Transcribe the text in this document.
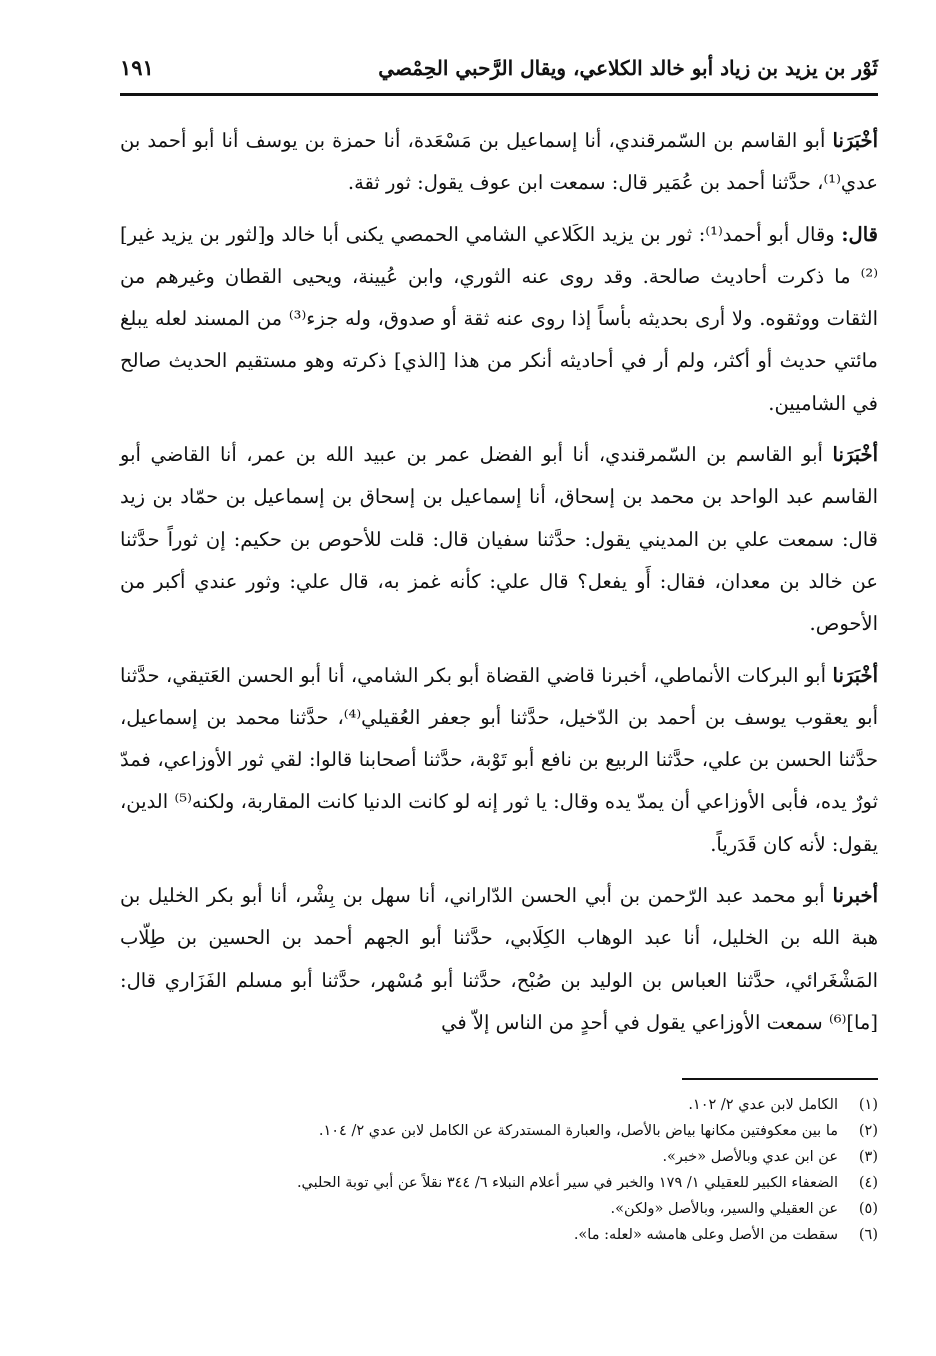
ثَوْر بن يزيد بن زياد أبو خالد الكلاعي، ويقال الرَّحبي الحِمْصي
١٩١

أخْبَرَنا أبو القاسم بن السّمرقندي، أنا إسماعيل بن مَسْعَدة، أنا حمزة بن يوسف أنا أبو أحمد بن عدي⁽¹⁾، حدَّثنا أحمد بن عُمَير قال: سمعت ابن عوف يقول: ثور ثقة.

قال: وقال أبو أحمد⁽¹⁾: ثور بن يزيد الكَلاعي الشامي الحمصي يكنى أبا خالد و[لثور بن يزيد غير]⁽²⁾ ما ذكرت أحاديث صالحة. وقد روى عنه الثوري، وابن عُيينة، ويحيى القطان وغيرهم من الثقات ووثقوه. ولا أرى بحديثه بأساً إذا روى عنه ثقة أو صدوق، وله جزء⁽³⁾ من المسند لعله يبلغ مائتي حديث أو أكثر، ولم أر في أحاديثه أنكر من هذا [الذي] ذكرته وهو مستقيم الحديث صالح في الشاميين.

أخْبَرَنا أبو القاسم بن السّمرقندي، أنا أبو الفضل عمر بن عبيد الله بن عمر، أنا القاضي أبو القاسم عبد الواحد بن محمد بن إسحاق، أنا إسماعيل بن إسحاق بن إسماعيل بن حمّاد بن زيد قال: سمعت علي بن المديني يقول: حدَّثنا سفيان قال: قلت للأحوص بن حكيم: إن ثوراً حدَّثنا عن خالد بن معدان، فقال: أَو يفعل؟ قال علي: كأنه غمز به، قال علي: وثور عندي أكبر من الأحوص.

أخْبَرَنا أبو البركات الأنماطي، أخبرنا قاضي القضاة أبو بكر الشامي، أنا أبو الحسن العَتيقي، حدَّثنا أبو يعقوب يوسف بن أحمد بن الدّخيل، حدَّثنا أبو جعفر العُقيلي⁽⁴⁾، حدَّثنا محمد بن إسماعيل، حدَّثنا الحسن بن علي، حدَّثنا الربيع بن نافع أبو تَوْبة، حدَّثنا أصحابنا قالوا: لقي ثور الأوزاعي، فمدّ ثورٌ يده، فأبى الأوزاعي أن يمدّ يده وقال: يا ثور إنه لو كانت الدنيا كانت المقاربة، ولكنه⁽⁵⁾ الدين، يقول: لأنه كان قَدَرياً.

أخبرنا أبو محمد عبد الرّحمن بن أبي الحسن الدّاراني، أنا سهل بن بِشْر، أنا أبو بكر الخليل بن هبة الله بن الخليل، أنا عبد الوهاب الكِلَابي، حدَّثنا أبو الجهم أحمد بن الحسين بن طِلّاب المَشْغَرائي، حدَّثنا العباس بن الوليد بن صُبْح، حدَّثنا أبو مُسْهر، حدَّثنا أبو مسلم الفَزَاري قال: [ما]⁽⁶⁾ سمعت الأوزاعي يقول في أحدٍ من الناس إلاّ في

(١)
الكامل لابن عدي ٢/ ١٠٢.
(٢)
ما بين معكوفتين مكانها بياض بالأصل، والعبارة المستدركة عن الكامل لابن عدي ٢/ ١٠٤.
(٣)
عن ابن عدي وبالأصل «خبر».
(٤)
الضعفاء الكبير للعقيلي ١/ ١٧٩ والخبر في سير أعلام النبلاء ٦/ ٣٤٤ نقلاً عن أبي توبة الحلبي.
(٥)
عن العقيلي والسير، وبالأصل «ولكن».
(٦)
سقطت من الأصل وعلى هامشه «لعله: ما».
